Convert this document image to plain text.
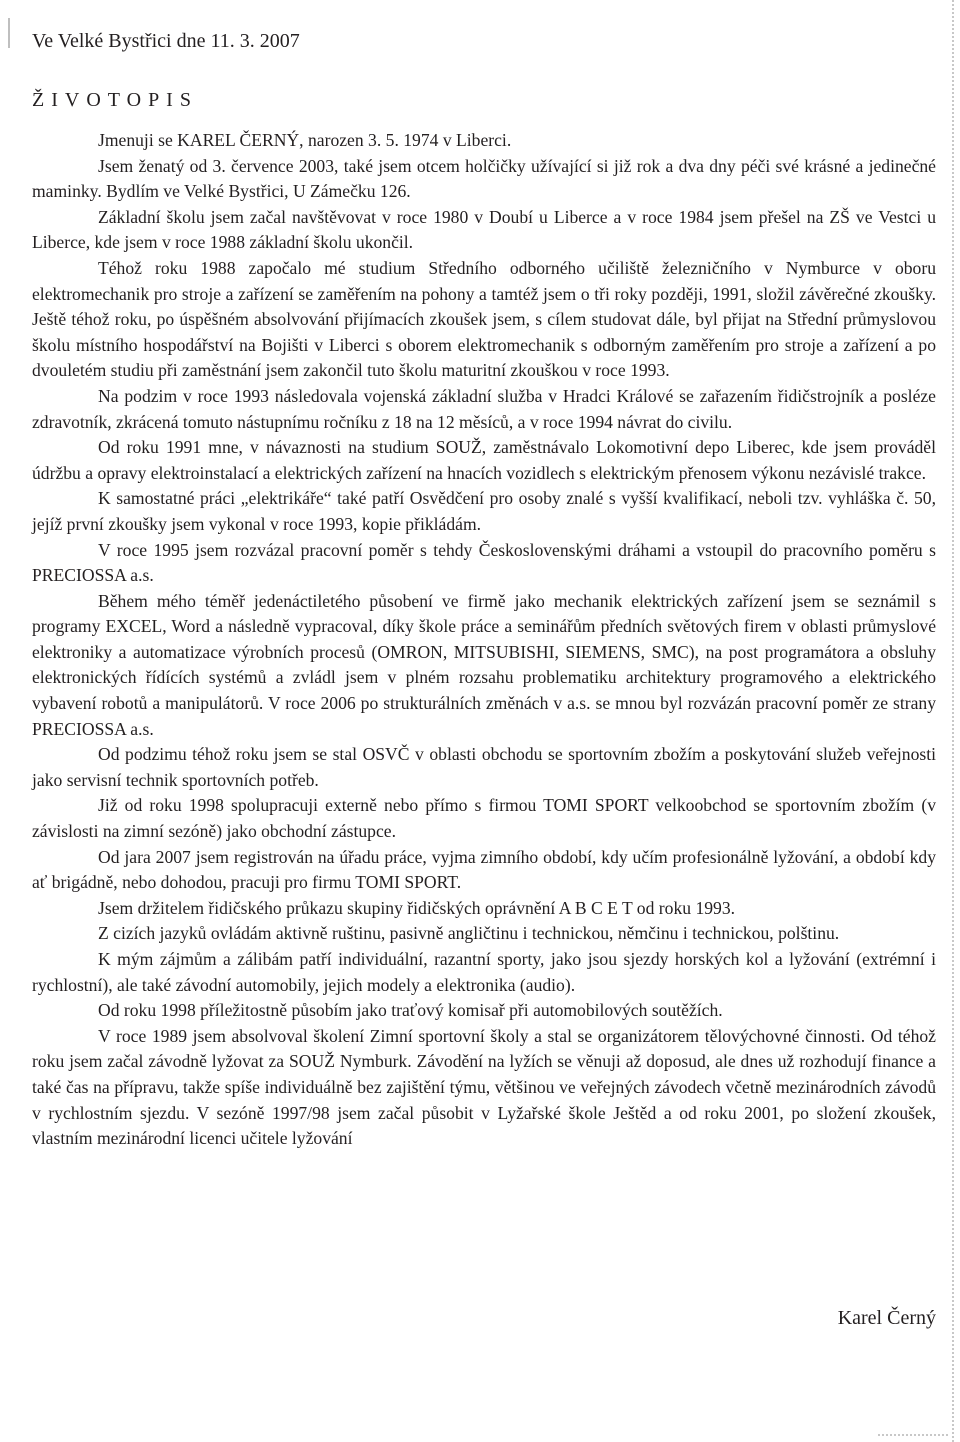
Ve Velké Bystřici dne 11. 3. 2007
ŽIVOTOPIS

Jmenuji se KAREL ČERNÝ, narozen 3. 5. 1974 v Liberci.

Jsem ženatý od 3. července 2003, také jsem otcem holčičky užívající si již rok a dva dny péči své krásné a jedinečné maminky. Bydlím ve Velké Bystřici, U Zámečku 126.

Základní školu jsem začal navštěvovat v roce 1980 v Doubí u Liberce a v roce 1984 jsem přešel na ZŠ ve Vestci u Liberce, kde jsem v roce 1988 základní školu ukončil.

Téhož roku 1988 započalo mé studium Středního odborného učiliště železničního v Nymburce v oboru elektromechanik pro stroje a zařízení se zaměřením na pohony a tamtéž jsem o tři roky později, 1991, složil závěrečné zkoušky. Ještě téhož roku, po úspěšném absolvování přijímacích zkoušek jsem, s cílem studovat dále, byl přijat na Střední průmyslovou školu místního hospodářství na Bojišti v Liberci s oborem elektromechanik s odborným zaměřením pro stroje a zařízení a po dvouletém studiu při zaměstnání jsem zakončil tuto školu maturitní zkouškou v roce 1993.

Na podzim v roce 1993 následovala vojenská základní služba v Hradci Králové se zařazením řidičstrojník a posléze zdravotník, zkrácená tomuto nástupnímu ročníku z 18 na 12 měsíců, a v roce 1994 návrat do civilu.

Od roku 1991 mne, v návaznosti na studium SOUŽ, zaměstnávalo Lokomotivní depo Liberec, kde jsem prováděl údržbu a opravy elektroinstalací a elektrických zařízení na hnacích vozidlech s elektrickým přenosem výkonu nezávislé trakce.

K samostatné práci „elektrikáře“ také patří Osvědčení pro osoby znalé s vyšší kvalifikací, neboli tzv. vyhláška č. 50, jejíž první zkoušky jsem vykonal v roce 1993, kopie přikládám.

V roce 1995 jsem rozvázal pracovní poměr s tehdy Československými dráhami a vstoupil do pracovního poměru s PRECIOSSA a.s.

Během mého téměř jedenáctiletého působení ve firmě jako mechanik elektrických zařízení jsem se seznámil s programy EXCEL, Word a následně vypracoval, díky škole práce a seminářům předních světových firem v oblasti průmyslové elektroniky a automatizace výrobních procesů (OMRON, MITSUBISHI, SIEMENS, SMC), na post programátora a obsluhy elektronických řídících systémů a zvládl jsem v plném rozsahu problematiku architektury programového a elektrického vybavení robotů a manipulátorů. V roce 2006 po strukturálních změnách v a.s. se mnou byl rozvázán pracovní poměr ze strany PRECIOSSA a.s.

Od podzimu téhož roku jsem se stal OSVČ v oblasti obchodu se sportovním zbožím a poskytování služeb veřejnosti jako servisní technik sportovních potřeb.

Již od roku 1998 spolupracuji externě nebo přímo s firmou TOMI SPORT velkoobchod se sportovním zbožím (v závislosti na zimní sezóně) jako obchodní zástupce.

Od jara 2007 jsem registrován na úřadu práce, vyjma zimního období, kdy učím profesionálně lyžování, a období kdy ať brigádně, nebo dohodou, pracuji pro firmu TOMI SPORT.

Jsem držitelem řidičského průkazu skupiny řidičských oprávnění A B C E T od roku 1993.

Z cizích jazyků ovládám aktivně ruštinu, pasivně angličtinu i technickou, němčinu i technickou, polštinu.

K mým zájmům a zálibám patří individuální, razantní sporty, jako jsou sjezdy horských kol a lyžování (extrémní i rychlostní), ale také závodní automobily, jejich modely a elektronika (audio).

Od roku 1998 příležitostně působím jako traťový komisař při automobilových soutěžích.

V roce 1989 jsem absolvoval školení Zimní sportovní školy a stal se organizátorem tělovýchovné činnosti. Od téhož roku jsem začal závodně lyžovat za SOUŽ Nymburk. Závodění na lyžích se věnuji až doposud, ale dnes už rozhodují finance a také čas na přípravu, takže spíše individuálně bez zajištění týmu, většinou ve veřejných závodech včetně mezinárodních závodů v rychlostním sjezdu. V sezóně 1997/98 jsem začal působit v Lyžařské škole Ještěd a od roku 2001, po složení zkoušek, vlastním mezinárodní licenci učitele lyžování

Karel Černý
